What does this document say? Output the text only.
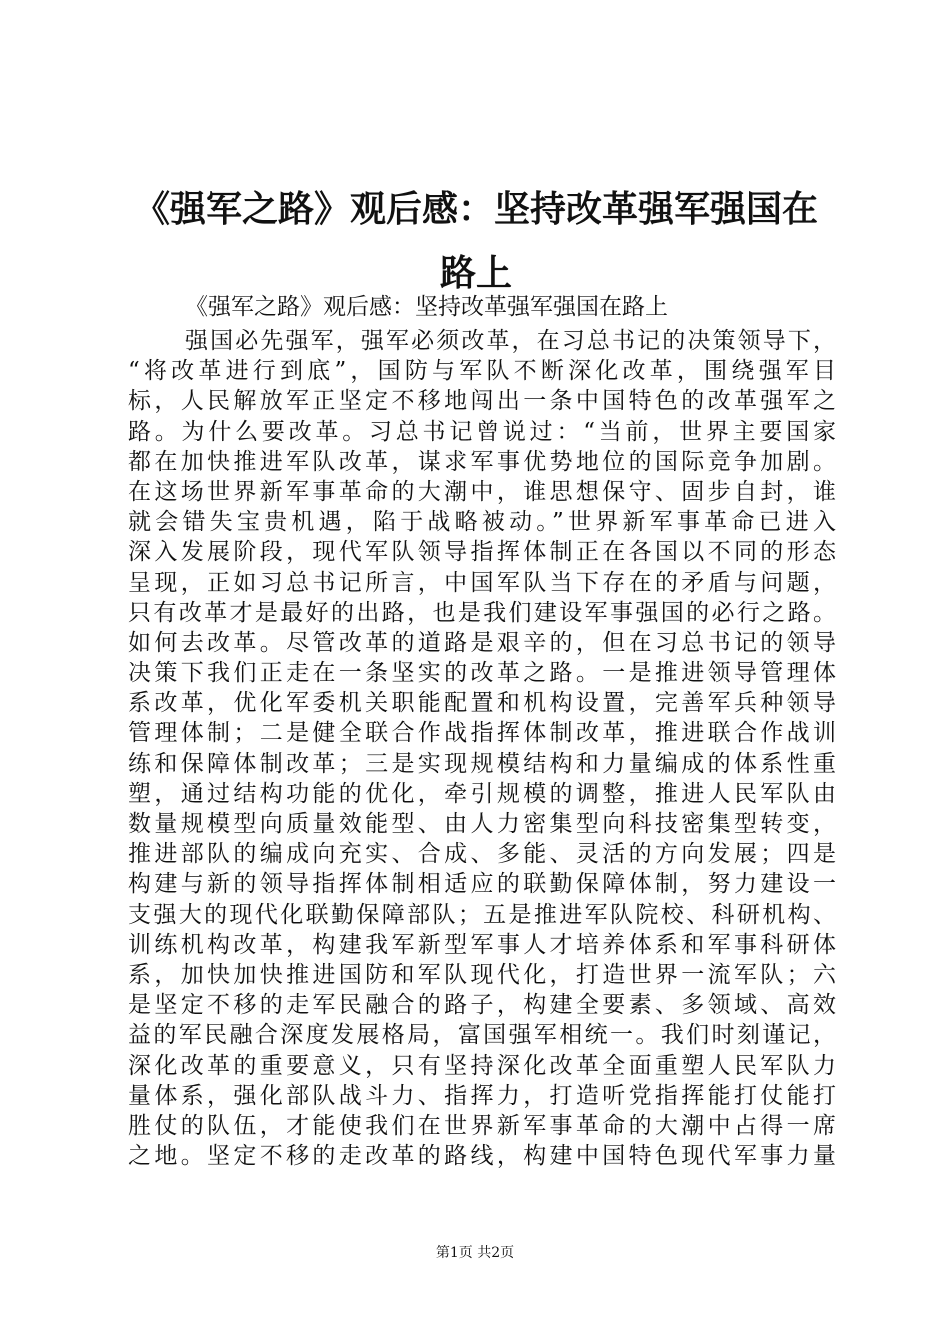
《强军之路》观后感：坚持改革强军强国在路上

《强军之路》观后感：坚持改革强军强国在路上

强国必先强军，强军必须改革，在习总书记的决策领导下，
“将改革进行到底”，国防与军队不断深化改革，围绕强军目
标，人民解放军正坚定不移地闯出一条中国特色的改革强军之
路。为什么要改革。习总书记曾说过：“当前，世界主要国家
都在加快推进军队改革，谋求军事优势地位的国际竞争加剧。
在这场世界新军事革命的大潮中，谁思想保守、固步自封，谁
就会错失宝贵机遇，陷于战略被动。”世界新军事革命已进入
深入发展阶段，现代军队领导指挥体制正在各国以不同的形态
呈现，正如习总书记所言，中国军队当下存在的矛盾与问题，
只有改革才是最好的出路，也是我们建设军事强国的必行之路。
如何去改革。尽管改革的道路是艰辛的，但在习总书记的领导
决策下我们正走在一条坚实的改革之路。一是推进领导管理体
系改革，优化军委机关职能配置和机构设置，完善军兵种领导
管理体制；二是健全联合作战指挥体制改革，推进联合作战训
练和保障体制改革；三是实现规模结构和力量编成的体系性重
塑，通过结构功能的优化，牵引规模的调整，推进人民军队由
数量规模型向质量效能型、由人力密集型向科技密集型转变，
推进部队的编成向充实、合成、多能、灵活的方向发展；四是
构建与新的领导指挥体制相适应的联勤保障体制，努力建设一
支强大的现代化联勤保障部队；五是推进军队院校、科研机构、
训练机构改革，构建我军新型军事人才培养体系和军事科研体
系，加快加快推进国防和军队现代化，打造世界一流军队；六
是坚定不移的走军民融合的路子，构建全要素、多领域、高效
益的军民融合深度发展格局，富国强军相统一。我们时刻谨记，
深化改革的重要意义，只有坚持深化改革全面重塑人民军队力
量体系，强化部队战斗力、指挥力，打造听党指挥能打仗能打
胜仗的队伍，才能使我们在世界新军事革命的大潮中占得一席
之地。坚定不移的走改革的路线，构建中国特色现代军事力量

第1页 共2页
